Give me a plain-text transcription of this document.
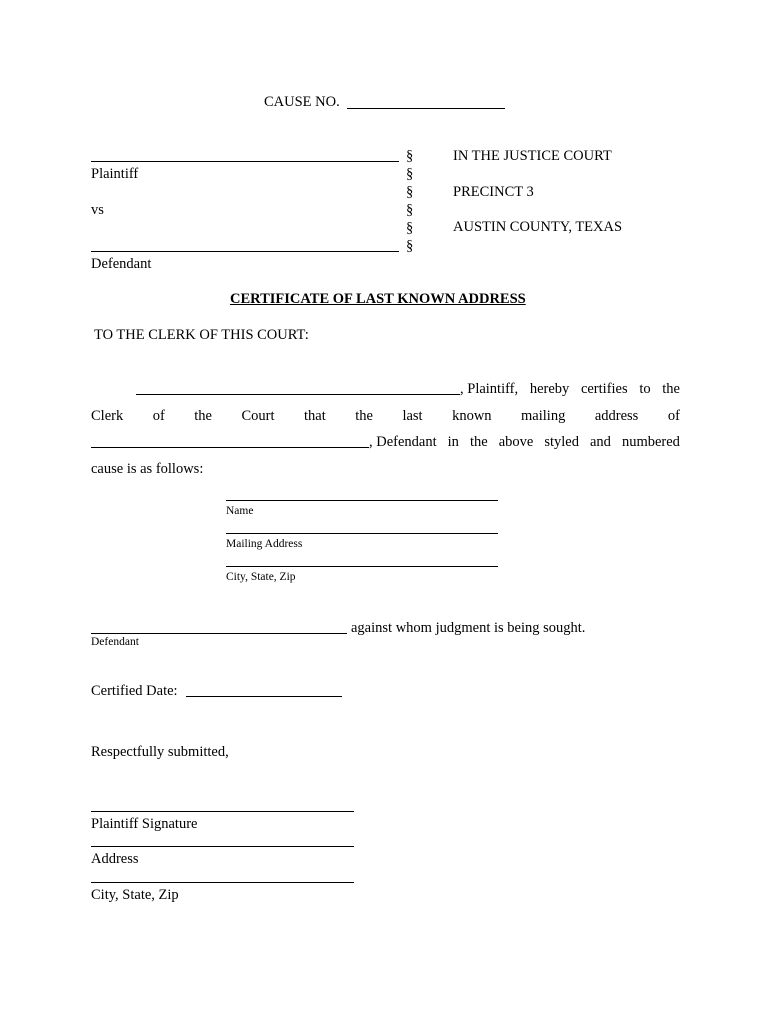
CAUSE NO.
Plaintiff
vs
Defendant
§
§
§
§
§
§
IN THE JUSTICE COURT
PRECINCT 3
AUSTIN COUNTY, TEXAS
CERTIFICATE OF LAST KNOWN ADDRESS
TO THE CLERK OF THIS COURT:
, Plaintiff, hereby certifies to the
Clerk of the Court that the last known mailing address of
, Defendant in the above styled and numbered
cause is as follows:
Name
Mailing Address
City, State, Zip
against whom judgment is being sought.
Defendant
Certified Date:
Respectfully submitted,
Plaintiff Signature
Address
City, State, Zip
